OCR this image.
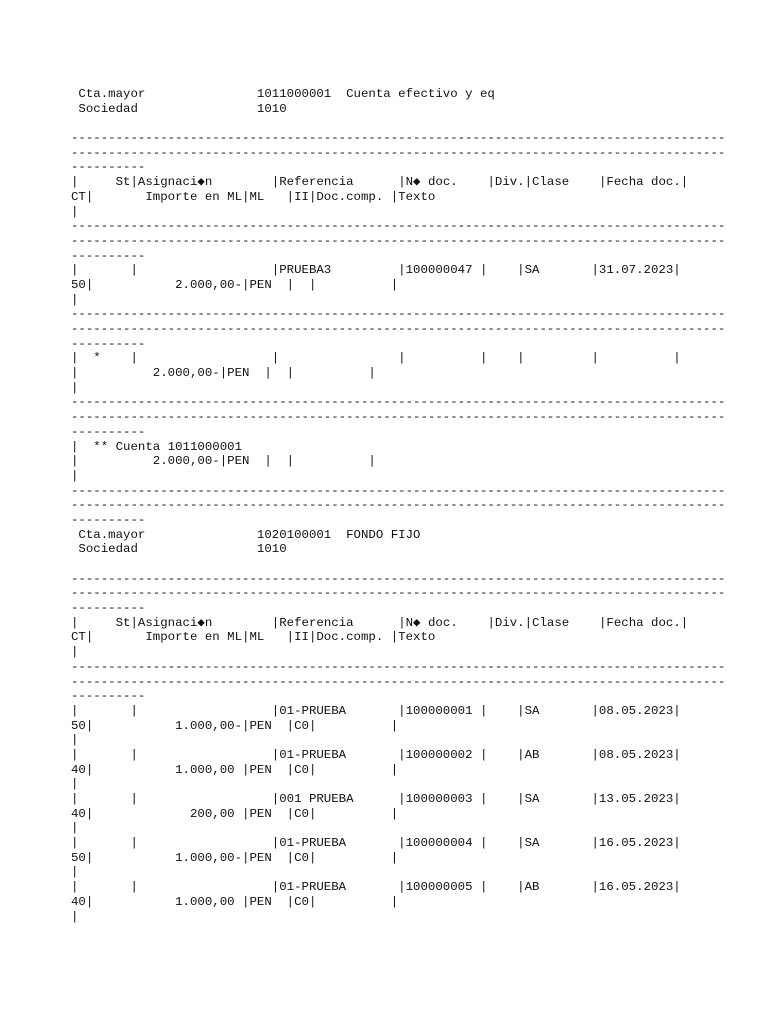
Cta.mayor               1011000001  Cuenta efectivo y eq
Sociedad                1010
----------------------------------------------------------------------------------------
----------------------------------------------------------------------------------------
----------
|     St|Asignaci◆n        |Referencia      |N◆ doc.    |Div.|Clase    |Fecha doc.|
CT|       Importe en ML|ML   |II|Doc.comp. |Texto
|
----------------------------------------------------------------------------------------
----------------------------------------------------------------------------------------
----------
|       |                  |PRUEBA3         |100000047 |    |SA       |31.07.2023|
50|           2.000,00-|PEN  |  |          |
|
----------------------------------------------------------------------------------------
----------------------------------------------------------------------------------------
----------
|  *    |                  |                |          |    |         |          |
|          2.000,00-|PEN  |  |          |
|
----------------------------------------------------------------------------------------
----------------------------------------------------------------------------------------
----------
|  ** Cuenta 1011000001
|          2.000,00-|PEN  |  |          |
|
----------------------------------------------------------------------------------------
----------------------------------------------------------------------------------------
----------
Cta.mayor               1020100001  FONDO FIJO
Sociedad                1010
----------------------------------------------------------------------------------------
----------------------------------------------------------------------------------------
----------
|     St|Asignaci◆n        |Referencia      |N◆ doc.    |Div.|Clase    |Fecha doc.|
CT|       Importe en ML|ML   |II|Doc.comp. |Texto
|
----------------------------------------------------------------------------------------
----------------------------------------------------------------------------------------
----------
|       |                  |01-PRUEBA       |100000001 |    |SA       |08.05.2023|
50|           1.000,00-|PEN  |C0|          |
|
|       |                  |01-PRUEBA       |100000002 |    |AB       |08.05.2023|
40|           1.000,00 |PEN  |C0|          |
|
|       |                  |001 PRUEBA      |100000003 |    |SA       |13.05.2023|
40|             200,00 |PEN  |C0|          |
|
|       |                  |01-PRUEBA       |100000004 |    |SA       |16.05.2023|
50|           1.000,00-|PEN  |C0|          |
|
|       |                  |01-PRUEBA       |100000005 |    |AB       |16.05.2023|
40|           1.000,00 |PEN  |C0|          |
|
